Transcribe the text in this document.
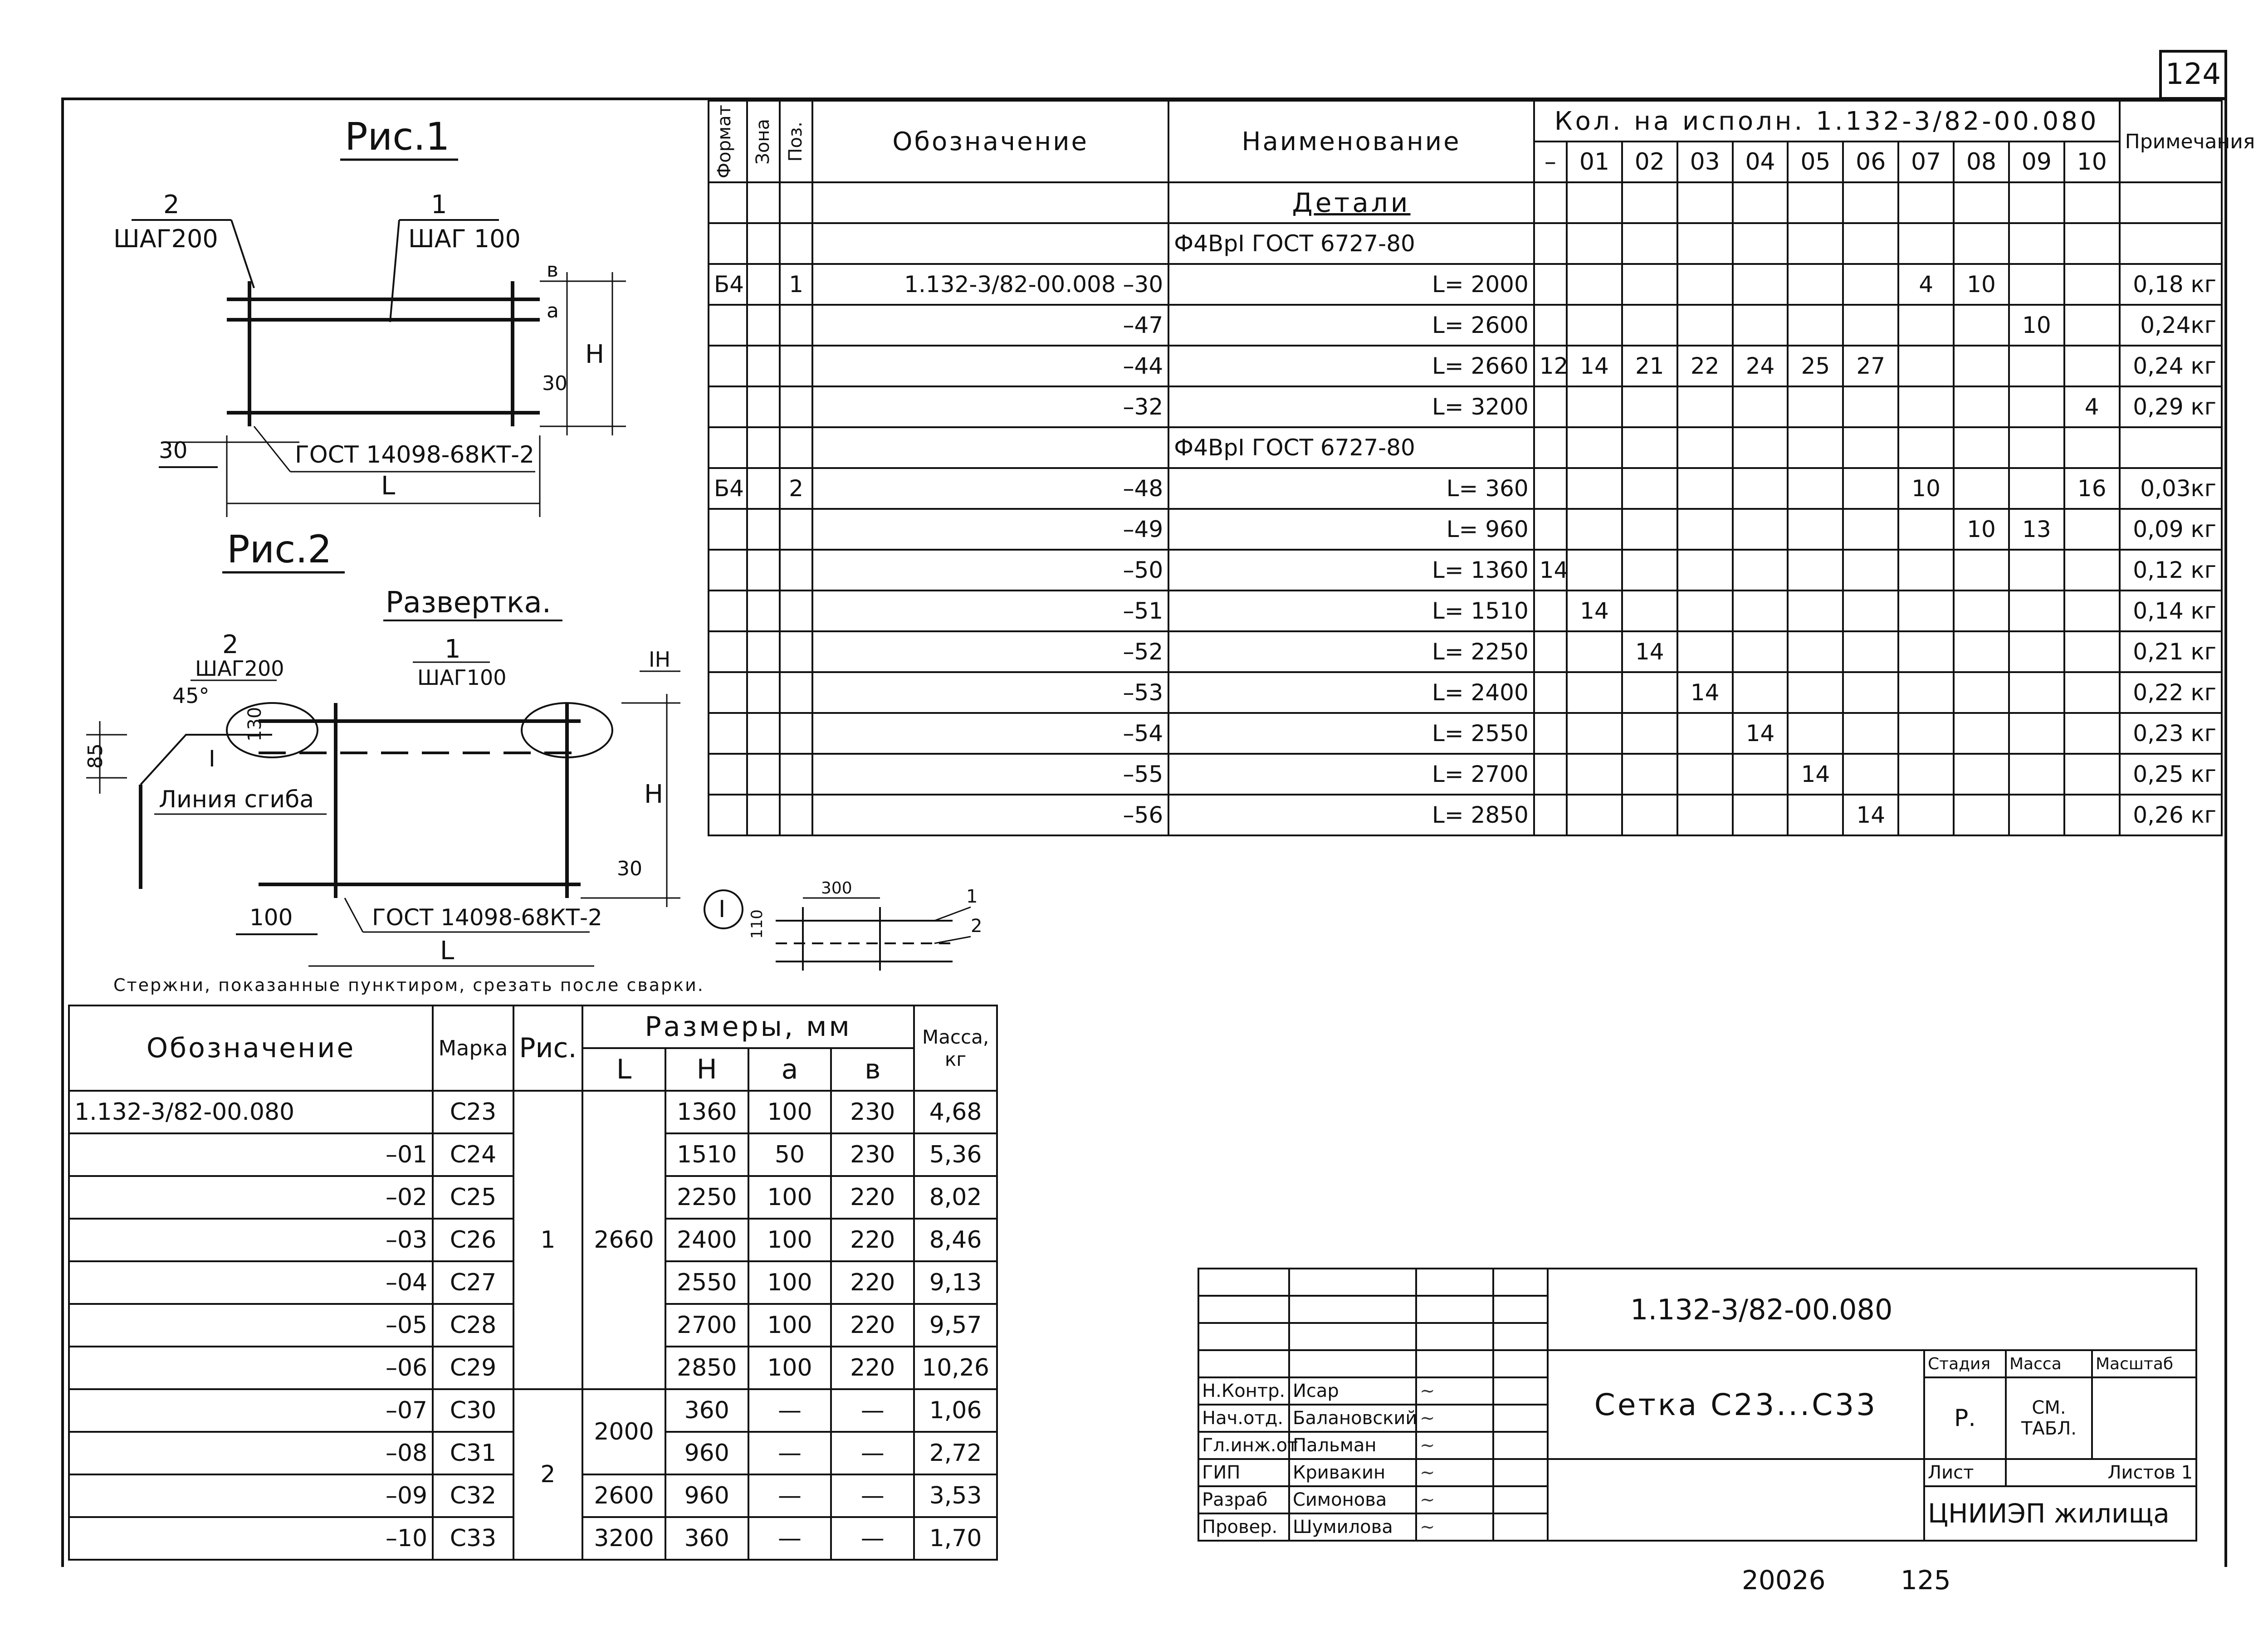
124
Рис.1
2
ШАГ200
1
ШАГ 100
в
а
30
Н
30	ГОСТ 14098-68КТ-2
L
Рис.2
Развертка.
2
ШАГ200
45°
1
ШАГ100
IН
85
130
I
Линия сгиба	Н
30
100	ГОСТ 14098-68КТ-2
L
I
300
110
1
2
Стержни, показанные пунктиром, срезать после сварки.
Формат	Зона	Поз.	Обозначение	Наименование	Кол. на исполн. 1.132-3/82-00.080											Примечания
					–	01	02	03	04	05	06	07	08	09	10	
				Детали												
				Ф4ВрI ГОСТ 6727-80												
Б4		1	1.132-3/82-00.008 –30	L= 2000								4	10			0,18 кг
			–47	L= 2600										10		0,24кг
			–44	L= 2660	12	14	21	22	24	25	27					0,24 кг
			–32	L= 3200											4	0,29 кг
				Ф4ВрI ГОСТ 6727-80												
Б4		2	–48	L= 360								10			16	0,03кг
			–49	L= 960									10	13		0,09 кг
			–50	L= 1360	14											0,12 кг
			–51	L= 1510		14										0,14 кг
			–52	L= 2250			14									0,21 кг
			–53	L= 2400				14								0,22 кг
			–54	L= 2550					14							0,23 кг
			–55	L= 2700						14						0,25 кг
			–56	L= 2850							14					0,26 кг
Обозначение	Марка	Рис.	Размеры, мм				Масса, кг
			L	Н	а	в	
1.132-3/82-00.080	С23	1	2660	1360	100	230	4,68
–01	С24			1510	50	230	5,36
–02	С25			2250	100	220	8,02
–03	С26			2400	100	220	8,46
–04	С27			2550	100	220	9,13
–05	С28			2700	100	220	9,57
–06	С29			2850	100	220	10,26
–07	С30	2	2000	360	—	—	1,06
–08	С31			960	—	—	2,72
–09	С32		2600	960	—	—	3,53
–10	С33		3200	360	—	—	1,70
				1.132-3/82-00.080			

				Сетка С23...С33	Стадия	Масса	Масштаб
Н.Контр.	Исар	~			Р.	СМ. ТАБЛ.	
Нач.отд.	Балановский	~					
Гл.инж.от	Пальман	~					
ГИП	Кривакин	~			Лист	Листов 1	
Разраб	Симонова	~			ЦНИИЭП жилища		
Провер.	Шумилова	~					
20026	125
